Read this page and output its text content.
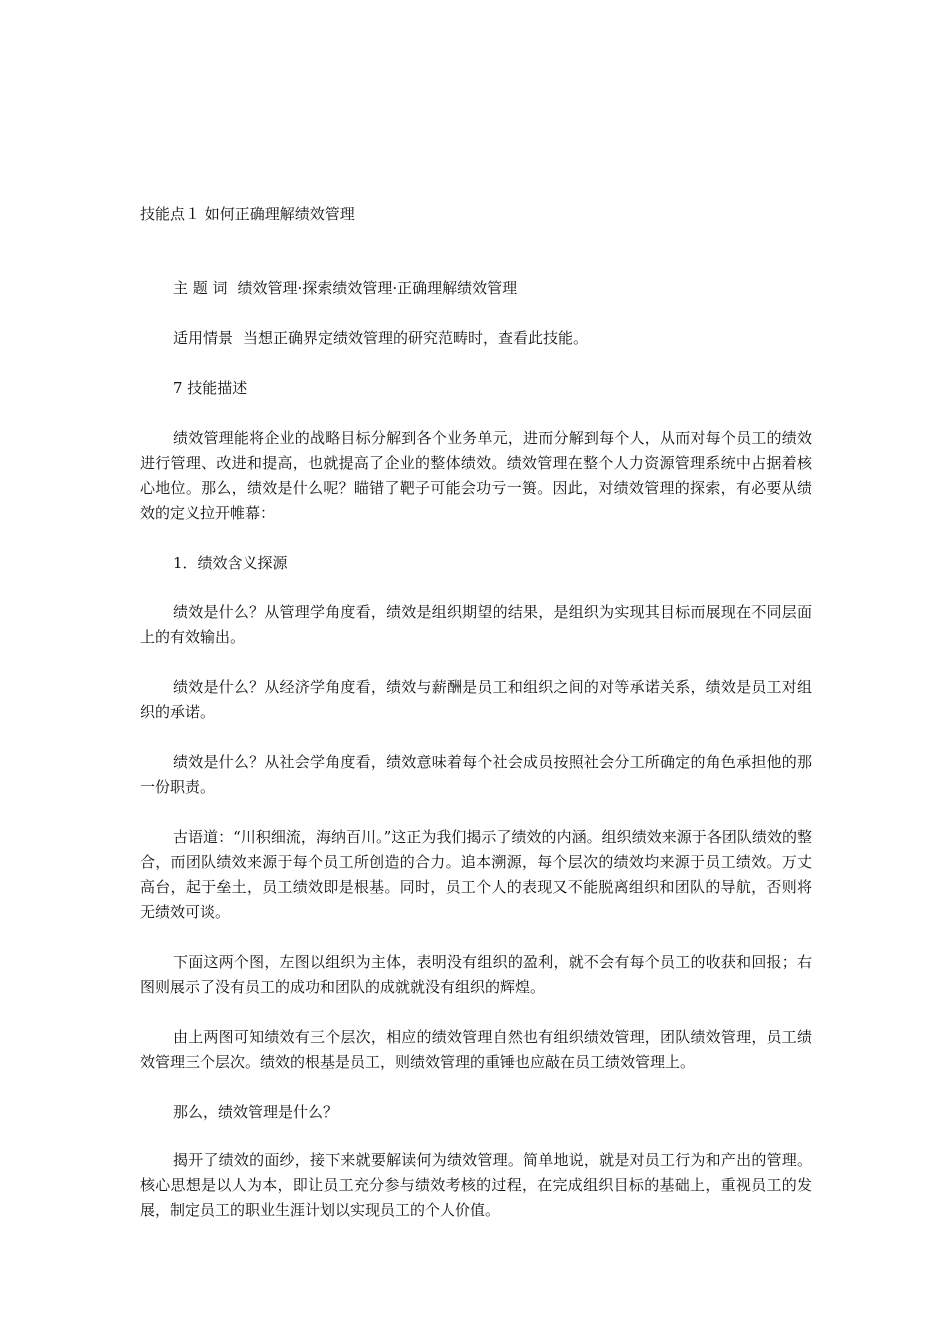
技能点１ 如何正确理解绩效管理
主 题 词 绩效管理·探索绩效管理·正确理解绩效管理
适用情景 当想正确界定绩效管理的研究范畴时，查看此技能。
7 技能描述

绩效管理能将企业的战略目标分解到各个业务单元，进而分解到每个人，从而对每个员工的绩效进行管理、改进和提高，也就提高了企业的整体绩效。绩效管理在整个人力资源管理系统中占据着核心地位。那么，绩效是什么呢？瞄错了靶子可能会功亏一篑。因此，对绩效管理的探索，有必要从绩效的定义拉开帷幕：

1．绩效含义探源

绩效是什么？从管理学角度看，绩效是组织期望的结果，是组织为实现其目标而展现在不同层面上的有效输出。

绩效是什么？从经济学角度看，绩效与薪酬是员工和组织之间的对等承诺关系，绩效是员工对组织的承诺。

绩效是什么？从社会学角度看，绩效意味着每个社会成员按照社会分工所确定的角色承担他的那一份职责。

古语道：“川积细流，海纳百川。”这正为我们揭示了绩效的内涵。组织绩效来源于各团队绩效的整合，而团队绩效来源于每个员工所创造的合力。追本溯源，每个层次的绩效均来源于员工绩效。万丈高台，起于垒土，员工绩效即是根基。同时，员工个人的表现又不能脱离组织和团队的导航，否则将无绩效可谈。

下面这两个图，左图以组织为主体，表明没有组织的盈利，就不会有每个员工的收获和回报；右图则展示了没有员工的成功和团队的成就就没有组织的辉煌。

由上两图可知绩效有三个层次，相应的绩效管理自然也有组织绩效管理，团队绩效管理，员工绩效管理三个层次。绩效的根基是员工，则绩效管理的重锤也应敲在员工绩效管理上。

那么，绩效管理是什么？

揭开了绩效的面纱，接下来就要解读何为绩效管理。简单地说，就是对员工行为和产出的管理。核心思想是以人为本，即让员工充分参与绩效考核的过程，在完成组织目标的基础上，重视员工的发展，制定员工的职业生涯计划以实现员工的个人价值。
